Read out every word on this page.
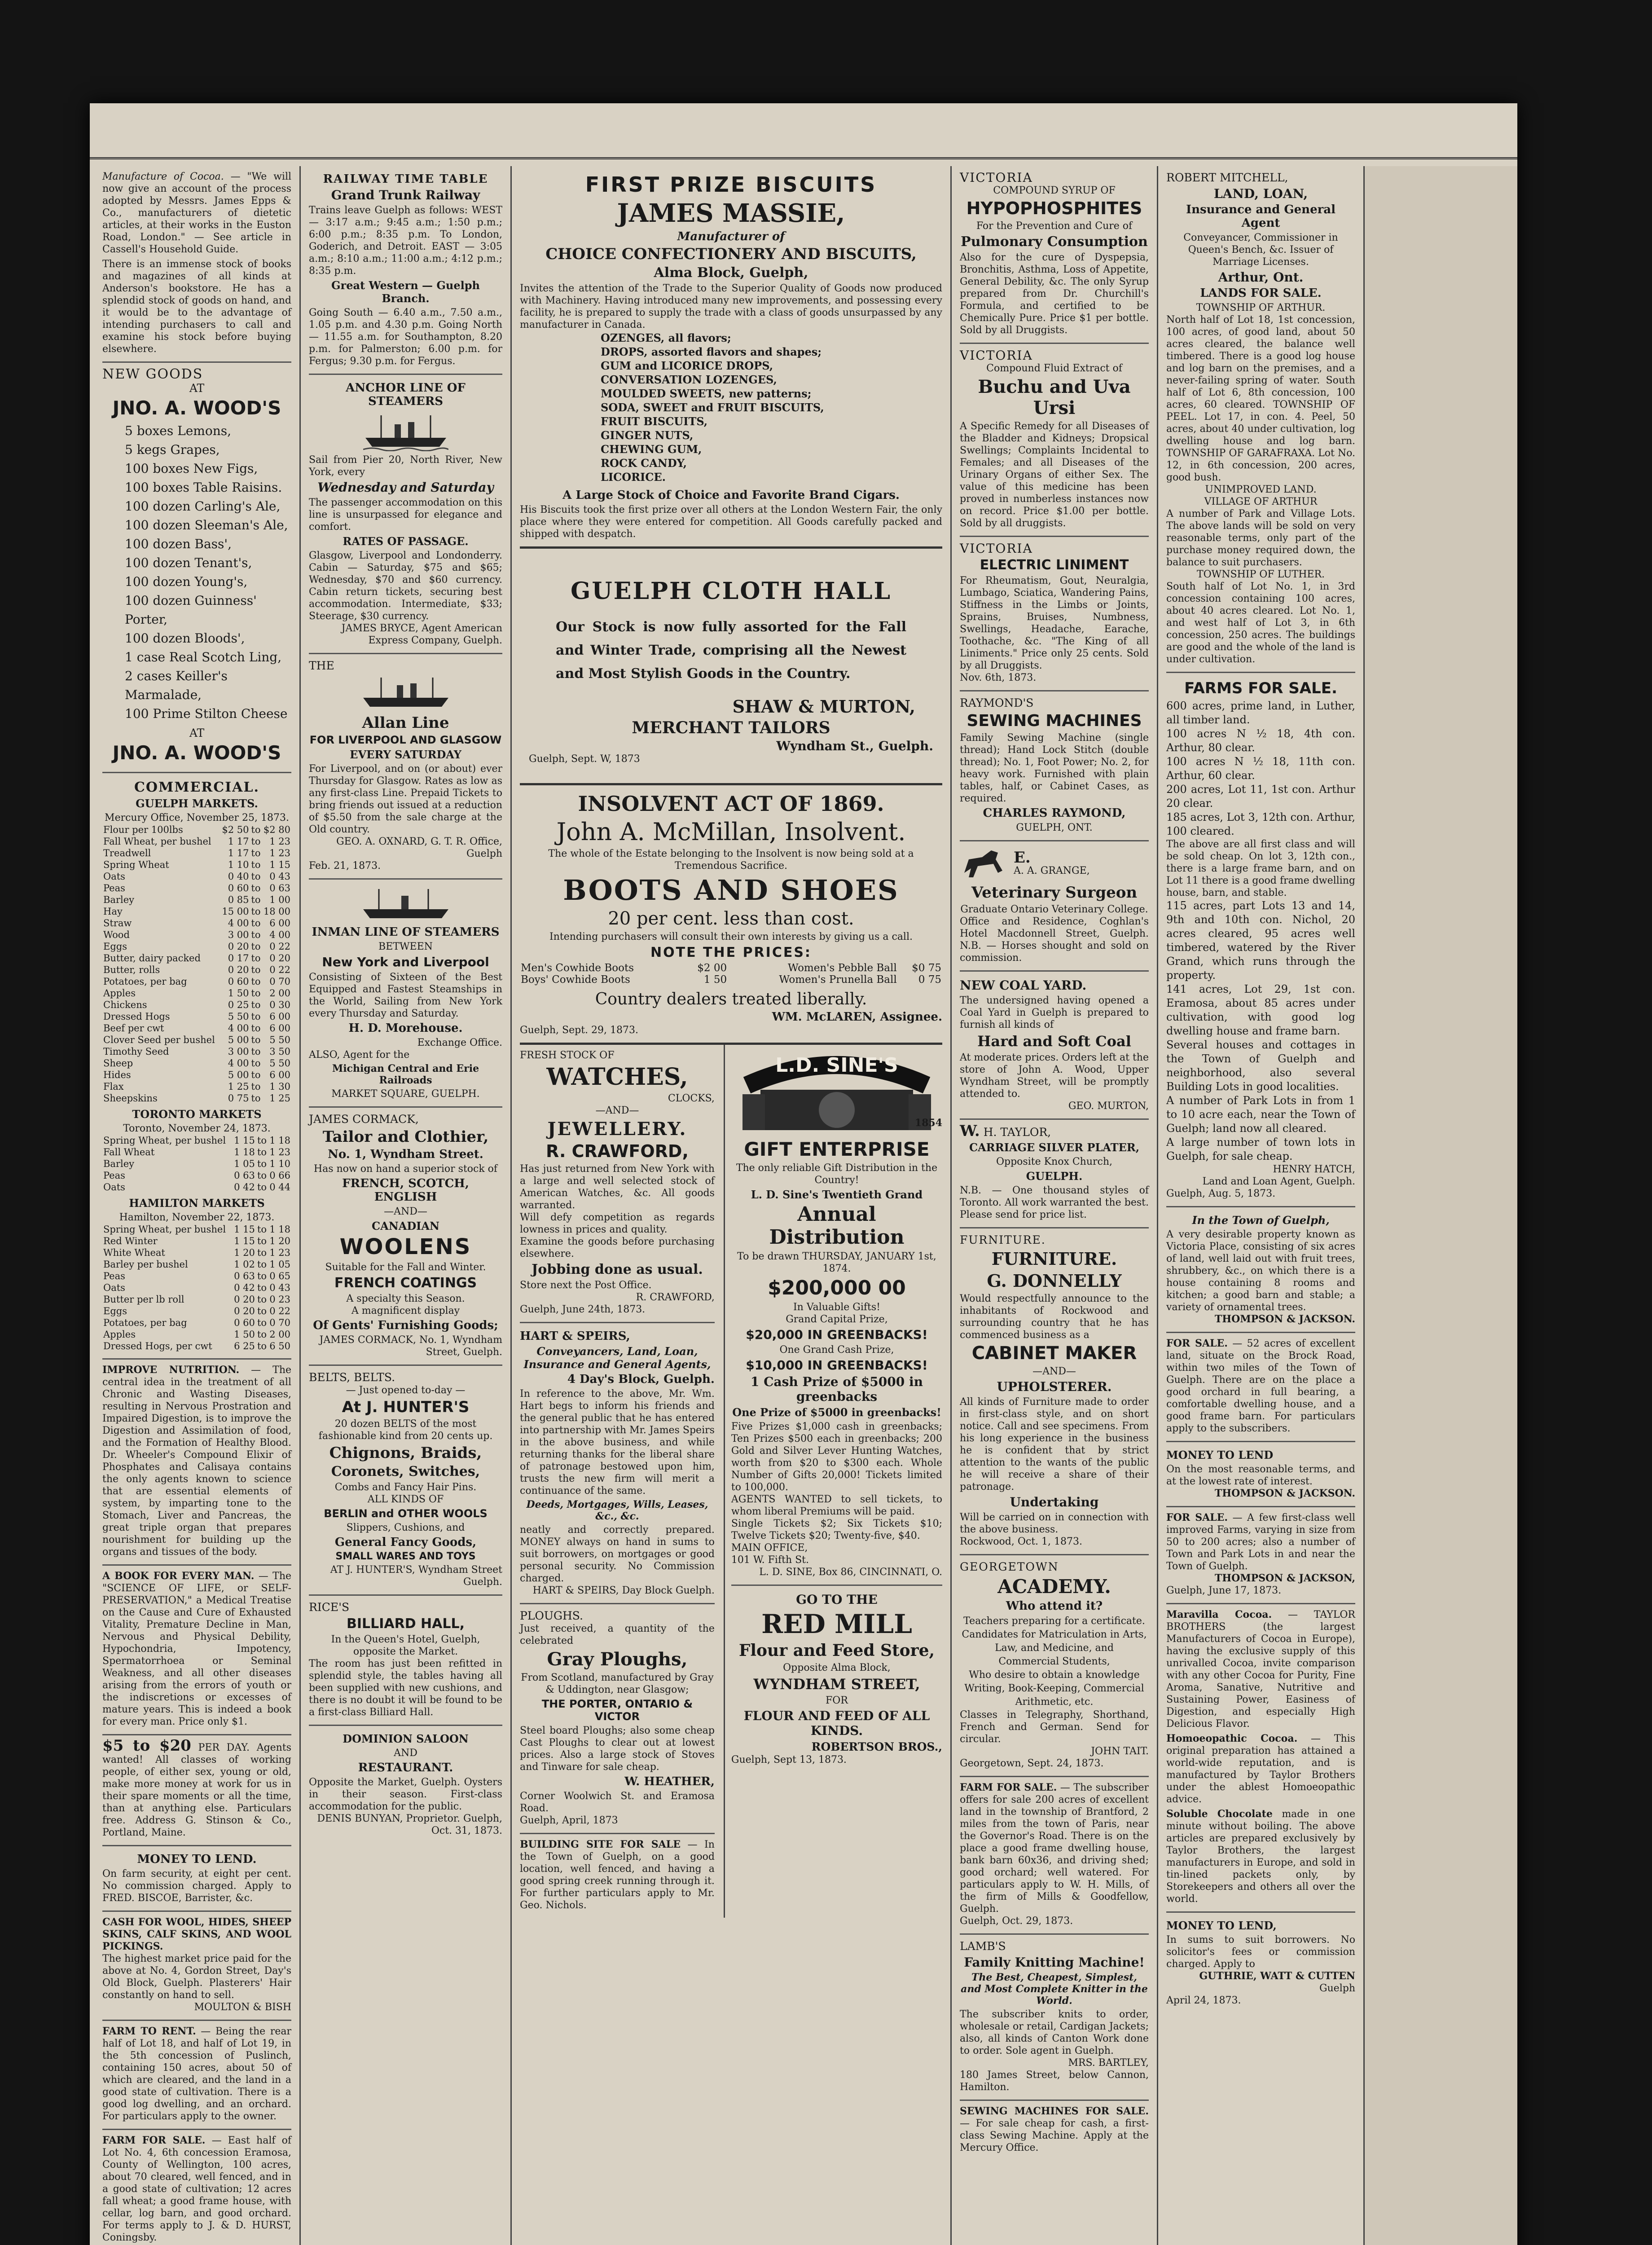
Manufacture of Cocoa. — "We will now give an account of the process adopted by Messrs. James Epps & Co., manufacturers of dietetic articles, at their works in the Euston Road, London." — See article in Cassell's Household Guide.

There is an immense stock of books and magazines of all kinds at Anderson's bookstore. He has a splendid stock of goods on hand, and it would be to the advantage of intending purchasers to call and examine his stock before buying elsewhere.

NEW GOODS

AT

JNO. A. WOOD'S

5 boxes Lemons,
5 kegs Grapes,
100 boxes New Figs,
100 boxes Table Raisins.
100 dozen Carling's Ale,
100 dozen Sleeman's Ale,
100 dozen Bass',
100 dozen Tenant's,
100 dozen Young's,
100 dozen Guinness' Porter,
100 dozen Bloods',
1 case Real Scotch Ling,
2 cases Keiller's Marmalade,
100 Prime Stilton Cheese

AT

JNO. A. WOOD'S

COMMERCIAL.

GUELPH MARKETS.

Mercury Office, November 25, 1873.

Flour per 100lbs	$2 50	to	$2 80
Fall Wheat, per bushel	1 17	to	1 23
Treadwell	1 17	to	1 23
Spring Wheat	1 10	to	1 15
Oats	0 40	to	0 43
Peas	0 60	to	0 63
Barley	0 85	to	1 00
Hay	15 00	to	18 00
Straw	4 00	to	6 00
Wood	3 00	to	4 00
Eggs	0 20	to	0 22
Butter, dairy packed	0 17	to	0 20
Butter, rolls	0 20	to	0 22
Potatoes, per bag	0 60	to	0 70
Apples	1 50	to	2 00
Chickens	0 25	to	0 30
Dressed Hogs	5 50	to	6 00
Beef per cwt	4 00	to	6 00
Clover Seed per bushel	5 00	to	5 50
Timothy Seed	3 00	to	3 50
Sheep	4 00	to	5 50
Hides	5 00	to	6 00
Flax	1 25	to	1 30
Sheepskins	0 75	to	1 25

TORONTO MARKETS

Toronto, November 24, 1873.

Spring Wheat, per bushel	1 15	to	1 18
Fall Wheat	1 18	to	1 23
Barley	1 05	to	1 10
Peas	0 63	to	0 66
Oats	0 42	to	0 44

HAMILTON MARKETS

Hamilton, November 22, 1873.

Spring Wheat, per bushel	1 15	to	1 18
Red Winter	1 15	to	1 20
White Wheat	1 20	to	1 23
Barley per bushel	1 02	to	1 05
Peas	0 63	to	0 65
Oats	0 42	to	0 43
Butter per lb roll	0 20	to	0 23
Eggs	0 20	to	0 22
Potatoes, per bag	0 60	to	0 70
Apples	1 50	to	2 00
Dressed Hogs, per cwt	6 25	to	6 50

IMPROVE NUTRITION. — The central idea in the treatment of all Chronic and Wasting Diseases, resulting in Nervous Prostration and Impaired Digestion, is to improve the Digestion and Assimilation of food, and the Formation of Healthy Blood. Dr. Wheeler's Compound Elixir of Phosphates and Calisaya contains the only agents known to science that are essential elements of system, by imparting tone to the Stomach, Liver and Pancreas, the great triple organ that prepares nourishment for building up the organs and tissues of the body.

A BOOK FOR EVERY MAN. — The "SCIENCE OF LIFE, or SELF-PRESERVATION," a Medical Treatise on the Cause and Cure of Exhausted Vitality, Premature Decline in Man, Nervous and Physical Debility, Hypochondria, Impotency, Spermatorrhoea or Seminal Weakness, and all other diseases arising from the errors of youth or the indiscretions or excesses of mature years. This is indeed a book for every man. Price only $1.

$5 to $20 PER DAY. Agents wanted! All classes of working people, of either sex, young or old, make more money at work for us in their spare moments or all the time, than at anything else. Particulars free. Address G. Stinson & Co., Portland, Maine.

MONEY TO LEND.

On farm security, at eight per cent. No commission charged. Apply to FRED. BISCOE, Barrister, &c.

CASH FOR WOOL, HIDES, SHEEP SKINS, CALF SKINS, AND WOOL PICKINGS.

The highest market price paid for the above at No. 4, Gordon Street, Day's Old Block, Guelph. Plasterers' Hair constantly on hand to sell.

MOULTON & BISH

FARM TO RENT. — Being the rear half of Lot 18, and half of Lot 19, in the 5th concession of Puslinch, containing 150 acres, about 50 of which are cleared, and the land in a good state of cultivation. There is a good log dwelling, and an orchard. For particulars apply to the owner.

FARM FOR SALE. — East half of Lot No. 4, 6th concession Eramosa, County of Wellington, 100 acres, about 70 cleared, well fenced, and in a good state of cultivation; 12 acres fall wheat; a good frame house, with cellar, log barn, and good orchard. For terms apply to J. & D. HURST, Coningsby.

RAILWAY TIME TABLE

Grand Trunk Railway

Trains leave Guelph as follows: WEST — 3:17 a.m.; 9:45 a.m.; 1:50 p.m.; 6:00 p.m.; 8:35 p.m. To London, Goderich, and Detroit. EAST — 3:05 a.m.; 8:10 a.m.; 11:00 a.m.; 4:12 p.m.; 8:35 p.m.

Great Western — Guelph Branch.

Going South — 6.40 a.m., 7.50 a.m., 1.05 p.m. and 4.30 p.m. Going North — 11.55 a.m. for Southampton, 8.20 p.m. for Palmerston; 6.00 p.m. for Fergus; 9.30 p.m. for Fergus.

ANCHOR LINE OF STEAMERS

Sail from Pier 20, North River, New York, every

Wednesday and Saturday

The passenger accommodation on this line is unsurpassed for elegance and comfort.

RATES OF PASSAGE.

Glasgow, Liverpool and Londonderry. Cabin — Saturday, $75 and $65; Wednesday, $70 and $60 currency. Cabin return tickets, securing best accommodation. Intermediate, $33; Steerage, $30 currency.

JAMES BRYCE, Agent American Express Company, Guelph.

THE

Allan Line

FOR LIVERPOOL AND GLASGOW

EVERY SATURDAY

For Liverpool, and on (or about) ever Thursday for Glasgow. Rates as low as any first-class Line. Prepaid Tickets to bring friends out issued at a reduction of $5.50 from the sale charge at the Old country.

GEO. A. OXNARD, G. T. R. Office, Guelph

Feb. 21, 1873.

INMAN LINE OF STEAMERS

BETWEEN

New York and Liverpool

Consisting of Sixteen of the Best Equipped and Fastest Steamships in the World, Sailing from New York every Thursday and Saturday.

H. D. Morehouse.

Exchange Office.

ALSO, Agent for the

Michigan Central and Erie Railroads

MARKET SQUARE, GUELPH.

JAMES CORMACK,

Tailor and Clothier,

No. 1, Wyndham Street.

Has now on hand a superior stock of

FRENCH, SCOTCH, ENGLISH

—AND—

CANADIAN

WOOLENS

Suitable for the Fall and Winter.

FRENCH COATINGS

A specialty this Season.

A magnificent display

Of Gents' Furnishing Goods;

JAMES CORMACK, No. 1, Wyndham Street, Guelph.

BELTS, BELTS.

— Just opened to-day —

At J. HUNTER'S

20 dozen BELTS of the most fashionable kind from 20 cents up.

Chignons, Braids,

Coronets, Switches,

Combs and Fancy Hair Pins.

ALL KINDS OF

BERLIN and OTHER WOOLS

Slippers, Cushions, and

General Fancy Goods,

SMALL WARES AND TOYS

AT J. HUNTER'S, Wyndham Street Guelph.

RICE'S

BILLIARD HALL,

In the Queen's Hotel, Guelph, opposite the Market.

The room has just been refitted in splendid style, the tables having all been supplied with new cushions, and there is no doubt it will be found to be a first-class Billiard Hall.

DOMINION SALOON

AND

RESTAURANT.

Opposite the Market, Guelph. Oysters in their season. First-class accommodation for the public.

DENIS BUNYAN, Proprietor. Guelph, Oct. 31, 1873.

FIRST PRIZE BISCUITS

JAMES MASSIE,

Manufacturer of

CHOICE CONFECTIONERY AND BISCUITS,

Alma Block, Guelph,

Invites the attention of the Trade to the Superior Quality of Goods now produced with Machinery. Having introduced many new improvements, and possessing every facility, he is prepared to supply the trade with a class of goods unsurpassed by any manufacturer in Canada.

OZENGES, all flavors;
DROPS, assorted flavors and shapes;
GUM and LICORICE DROPS,
CONVERSATION LOZENGES,
MOULDED SWEETS, new patterns;
SODA, SWEET and FRUIT BISCUITS,
FRUIT BISCUITS,
GINGER NUTS,
CHEWING GUM,
ROCK CANDY,
LICORICE.

A Large Stock of Choice and Favorite Brand Cigars.

His Biscuits took the first prize over all others at the London Western Fair, the only place where they were entered for competition. All Goods carefully packed and shipped with despatch.

GUELPH CLOTH HALL

Our Stock is now fully assorted for the Fall and Winter Trade, comprising all the Newest and Most Stylish Goods in the Country.

SHAW & MURTON,

MERCHANT TAILORS

Wyndham St., Guelph.

Guelph, Sept. W, 1873

INSOLVENT ACT OF 1869.

John A. McMillan, Insolvent.

The whole of the Estate belonging to the Insolvent is now being sold at a Tremendous Sacrifice.

BOOTS AND SHOES

20 per cent. less than cost.

Intending purchasers will consult their own interests by giving us a call.

NOTE THE PRICES:

Men's Cowhide Boots	$2 00	Women's Pebble Ball	$0 75
Boys' Cowhide Boots	1 50	Women's Prunella Ball	0 75

Country dealers treated liberally.

WM. McLAREN, Assignee.

Guelph, Sept. 29, 1873.

FRESH STOCK OF

WATCHES,

CLOCKS,

—AND—

JEWELLERY.

R. CRAWFORD,

Has just returned from New York with a large and well selected stock of American Watches, &c. All goods warranted.

Will defy competition as regards lowness in prices and quality.

Examine the goods before purchasing elsewhere.

Jobbing done as usual.

Store next the Post Office.

R. CRAWFORD,

Guelph, June 24th, 1873.

HART & SPEIRS,

Conveyancers, Land, Loan, Insurance and General Agents,

4 Day's Block, Guelph.

In reference to the above, Mr. Wm. Hart begs to inform his friends and the general public that he has entered into partnership with Mr. James Speirs in the above business, and while returning thanks for the liberal share of patronage bestowed upon him, trusts the new firm will merit a continuance of the same.

Deeds, Mortgages, Wills, Leases, &c., &c.

neatly and correctly prepared. MONEY always on hand in sums to suit borrowers, on mortgages or good personal security. No Commission charged.

HART & SPEIRS, Day Block Guelph.

PLOUGHS.

Just received, a quantity of the celebrated

Gray Ploughs,

From Scotland, manufactured by Gray & Uddington, near Glasgow;

THE PORTER, ONTARIO & VICTOR

Steel board Ploughs; also some cheap Cast Ploughs to clear out at lowest prices. Also a large stock of Stoves and Tinware for sale cheap.

W. HEATHER,

Corner Woolwich St. and Eramosa Road.

Guelph, April, 1873

BUILDING SITE FOR SALE — In the Town of Guelph, on a good location, well fenced, and having a good spring creek running through it. For further particulars apply to Mr. Geo. Nichols.

L.D. SINE'S

1854

GIFT ENTERPRISE

The only reliable Gift Distribution in the Country!

L. D. Sine's Twentieth Grand

Annual Distribution

To be drawn THURSDAY, JANUARY 1st, 1874.

$200,000 00

In Valuable Gifts!

Grand Capital Prize,

$20,000 IN GREENBACKS!

One Grand Cash Prize,

$10,000 IN GREENBACKS!

1 Cash Prize of $5000 in greenbacks

One Prize of $5000 in greenbacks!

Five Prizes $1,000 cash in greenbacks; Ten Prizes $500 each in greenbacks; 200 Gold and Silver Lever Hunting Watches, worth from $20 to $300 each. Whole Number of Gifts 20,000! Tickets limited to 100,000.

AGENTS WANTED to sell tickets, to whom liberal Premiums will be paid.

Single Tickets $2; Six Tickets $10; Twelve Tickets $20; Twenty-five, $40.

MAIN OFFICE,

101 W. Fifth St.

L. D. SINE, Box 86, CINCINNATI, O.

GO TO THE

RED MILL

Flour and Feed Store,

Opposite Alma Block,

WYNDHAM STREET,

FOR

FLOUR AND FEED OF ALL KINDS.

ROBERTSON BROS.,

Guelph, Sept 13, 1873.

VICTORIA

COMPOUND SYRUP OF

HYPOPHOSPHITES

For the Prevention and Cure of

Pulmonary Consumption

Also for the cure of Dyspepsia, Bronchitis, Asthma, Loss of Appetite, General Debility, &c. The only Syrup prepared from Dr. Churchill's Formula, and certified to be Chemically Pure. Price $1 per bottle. Sold by all Druggists.

VICTORIA

Compound Fluid Extract of

Buchu and Uva Ursi

A Specific Remedy for all Diseases of the Bladder and Kidneys; Dropsical Swellings; Complaints Incidental to Females; and all Diseases of the Urinary Organs of either Sex. The value of this medicine has been proved in numberless instances now on record. Price $1.00 per bottle. Sold by all druggists.

VICTORIA

ELECTRIC LINIMENT

For Rheumatism, Gout, Neuralgia, Lumbago, Sciatica, Wandering Pains, Stiffness in the Limbs or Joints, Sprains, Bruises, Numbness, Swellings, Headache, Earache, Toothache, &c. "The King of all Liniments." Price only 25 cents. Sold by all Druggists.

Nov. 6th, 1873.

RAYMOND'S

SEWING MACHINES

Family Sewing Machine (single thread); Hand Lock Stitch (double thread); No. 1, Foot Power; No. 2, for heavy work. Furnished with plain tables, half, or Cabinet Cases, as required.

CHARLES RAYMOND,

GUELPH, ONT.

E.

A. A. GRANGE,

Veterinary Surgeon

Graduate Ontario Veterinary College.

Office and Residence, Coghlan's Hotel Macdonnell Street, Guelph. N.B. — Horses shought and sold on commission.

NEW COAL YARD.

The undersigned having opened a Coal Yard in Guelph is prepared to furnish all kinds of

Hard and Soft Coal

At moderate prices. Orders left at the store of John A. Wood, Upper Wyndham Street, will be promptly attended to.

GEO. MURTON,

W. H. TAYLOR,

CARRIAGE SILVER PLATER,

Opposite Knox Church,

GUELPH.

N.B. — One thousand styles of Toronto. All work warranted the best. Please send for price list.

FURNITURE.

FURNITURE.

G. DONNELLY

Would respectfully announce to the inhabitants of Rockwood and surrounding country that he has commenced business as a

CABINET MAKER

—AND—

UPHOLSTERER.

All kinds of Furniture made to order in first-class style, and on short notice. Call and see specimens. From his long experience in the business he is confident that by strict attention to the wants of the public he will receive a share of their patronage.

Undertaking

Will be carried on in connection with the above business.

Rockwood, Oct. 1, 1873.

GEORGETOWN

ACADEMY.

Who attend it?

Teachers preparing for a certificate.
Candidates for Matriculation in Arts, Law, and Medicine, and
Commercial Students,
Who desire to obtain a knowledge
Writing, Book-Keeping, Commercial Arithmetic, etc.

Classes in Telegraphy, Shorthand, French and German. Send for circular.

JOHN TAIT.

Georgetown, Sept. 24, 1873.

FARM FOR SALE. — The subscriber offers for sale 200 acres of excellent land in the township of Brantford, 2 miles from the town of Paris, near the Governor's Road. There is on the place a good frame dwelling house, bank barn 60x36, and driving shed; good orchard; well watered. For particulars apply to W. H. Mills, of the firm of Mills & Goodfellow, Guelph.

Guelph, Oct. 29, 1873.

LAMB'S

Family Knitting Machine!

The Best, Cheapest, Simplest, and Most Complete Knitter in the World.

The subscriber knits to order, wholesale or retail, Cardigan Jackets; also, all kinds of Canton Work done to order. Sole agent in Guelph.

MRS. BARTLEY,

180 James Street, below Cannon, Hamilton.

SEWING MACHINES FOR SALE. — For sale cheap for cash, a first-class Sewing Machine. Apply at the Mercury Office.

ROBERT MITCHELL,

LAND, LOAN,

Insurance and General Agent

Conveyancer, Commissioner in Queen's Bench, &c. Issuer of Marriage Licenses.

Arthur, Ont.

LANDS FOR SALE.

TOWNSHIP OF ARTHUR.

North half of Lot 18, 1st concession, 100 acres, of good land, about 50 acres cleared, the balance well timbered. There is a good log house and log barn on the premises, and a never-failing spring of water. South half of Lot 6, 8th concession, 100 acres, 60 cleared. TOWNSHIP OF PEEL. Lot 17, in con. 4. Peel, 50 acres, about 40 under cultivation, log dwelling house and log barn. TOWNSHIP OF GARAFRAXA. Lot No. 12, in 6th concession, 200 acres, good bush.

UNIMPROVED LAND.

VILLAGE OF ARTHUR

A number of Park and Village Lots. The above lands will be sold on very reasonable terms, only part of the purchase money required down, the balance to suit purchasers.

TOWNSHIP OF LUTHER.

South half of Lot No. 1, in 3rd concession containing 100 acres, about 40 acres cleared. Lot No. 1, and west half of Lot 3, in 6th concession, 250 acres. The buildings are good and the whole of the land is under cultivation.

FARMS FOR SALE.

600 acres, prime land, in Luther, all timber land.

100 acres N ½ 18, 4th con. Arthur, 80 clear.

100 acres N ½ 18, 11th con. Arthur, 60 clear.

200 acres, Lot 11, 1st con. Arthur 20 clear.

185 acres, Lot 3, 12th con. Arthur, 100 cleared.

The above are all first class and will be sold cheap. On lot 3, 12th con., there is a large frame barn, and on Lot 11 there is a good frame dwelling house, barn, and stable.

115 acres, part Lots 13 and 14, 9th and 10th con. Nichol, 20 acres cleared, 95 acres well timbered, watered by the River Grand, which runs through the property.

141 acres, Lot 29, 1st con. Eramosa, about 85 acres under cultivation, with good log dwelling house and frame barn.

Several houses and cottages in the Town of Guelph and neighborhood, also several Building Lots in good localities.

A number of Park Lots in from 1 to 10 acre each, near the Town of Guelph; land now all cleared.

A large number of town lots in Guelph, for sale cheap.

HENRY HATCH,

Land and Loan Agent, Guelph.

Guelph, Aug. 5, 1873.

In the Town of Guelph,

A very desirable property known as Victoria Place, consisting of six acres of land, well laid out with fruit trees, shrubbery, &c., on which there is a house containing 8 rooms and kitchen; a good barn and stable; a variety of ornamental trees.

THOMPSON & JACKSON.

FOR SALE. — 52 acres of excellent land, situate on the Brock Road, within two miles of the Town of Guelph. There are on the place a good orchard in full bearing, a comfortable dwelling house, and a good frame barn. For particulars apply to the subscribers.

MONEY TO LEND

On the most reasonable terms, and at the lowest rate of interest.

THOMPSON & JACKSON.

FOR SALE. — A few first-class well improved Farms, varying in size from 50 to 200 acres; also a number of Town and Park Lots in and near the Town of Guelph.

THOMPSON & JACKSON,

Guelph, June 17, 1873.

Maravilla Cocoa. — TAYLOR BROTHERS (the largest Manufacturers of Cocoa in Europe), having the exclusive supply of this unrivalled Cocoa, invite comparison with any other Cocoa for Purity, Fine Aroma, Sanative, Nutritive and Sustaining Power, Easiness of Digestion, and especially High Delicious Flavor.

Homoeopathic Cocoa. — This original preparation has attained a world-wide reputation, and is manufactured by Taylor Brothers under the ablest Homoeopathic advice.

Soluble Chocolate made in one minute without boiling. The above articles are prepared exclusively by Taylor Brothers, the largest manufacturers in Europe, and sold in tin-lined packets only, by Storekeepers and others all over the world.

MONEY TO LEND,

In sums to suit borrowers. No solicitor's fees or commission charged. Apply to

GUTHRIE, WATT & CUTTEN

Guelph

April 24, 1873.
